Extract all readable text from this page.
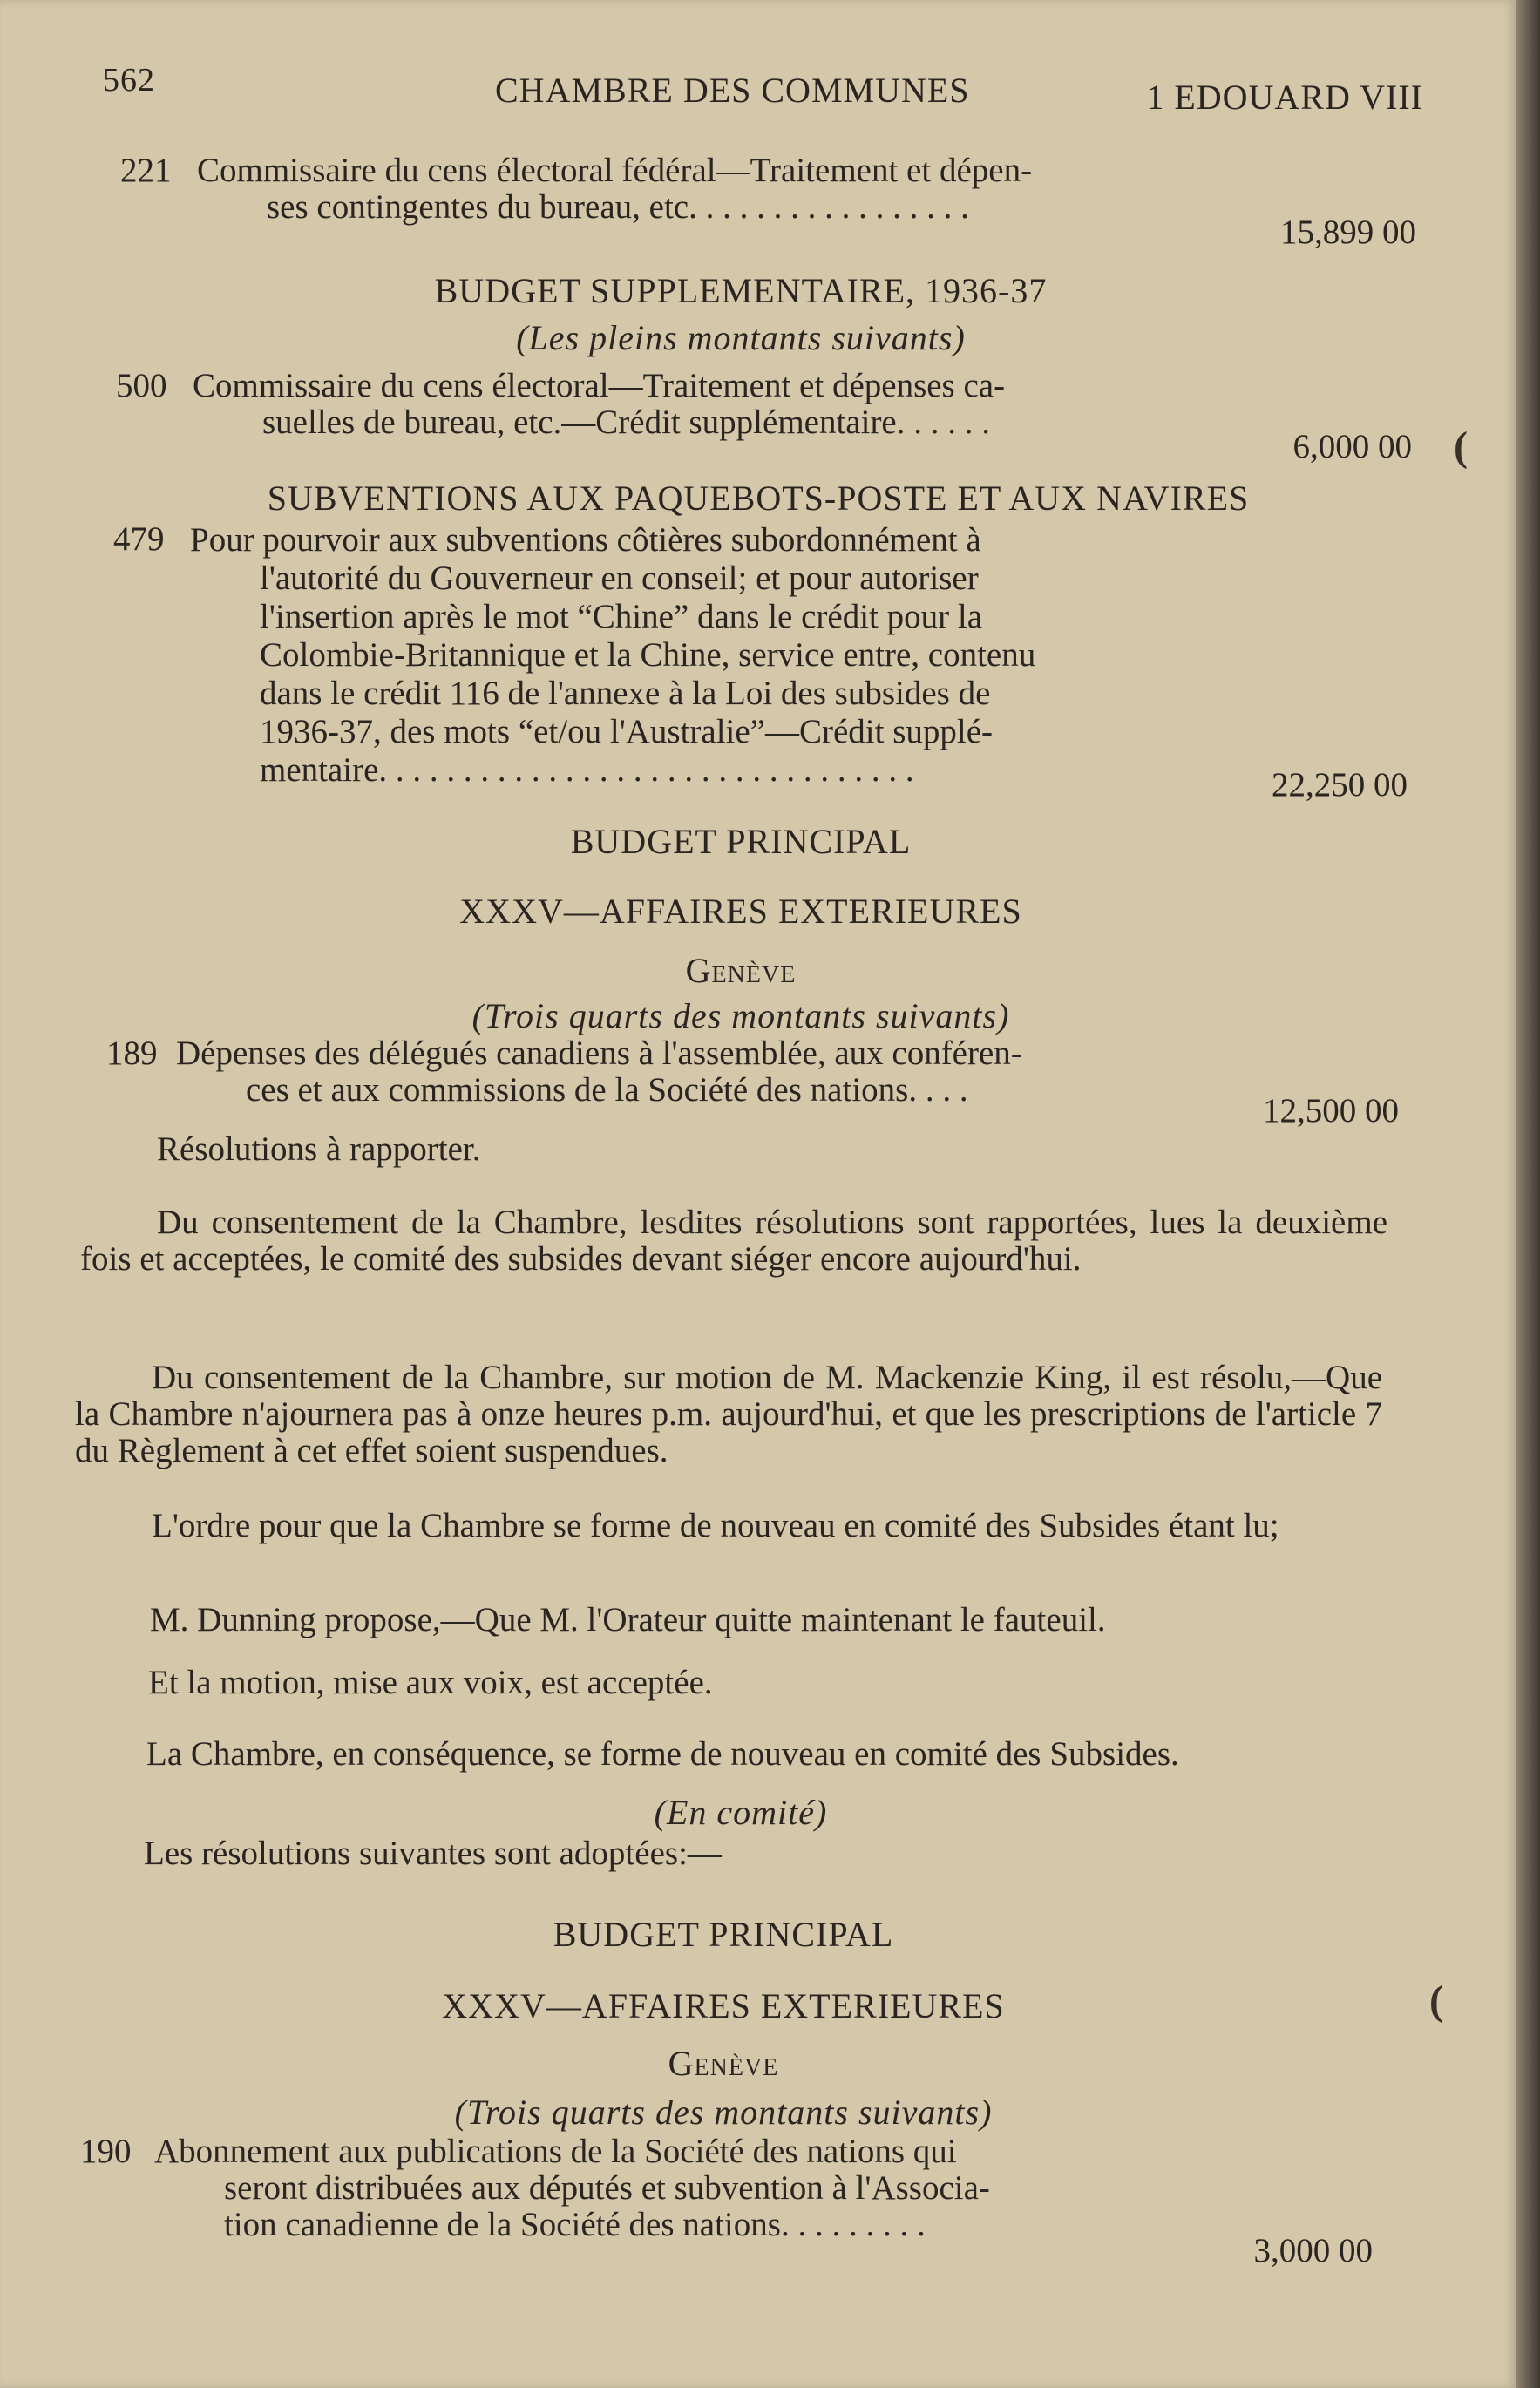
562	CHAMBRE DES COMMUNES	1 EDOUARD VIII
221 Commissaire du cens électoral fédéral—Traitement et dépen-
ses contingentes du bureau, etc. . . . . . . . . . . . . . . . .
15,899 00
BUDGET SUPPLEMENTAIRE, 1936-37
(Les pleins montants suivants)
500 Commissaire du cens électoral—Traitement et dépenses ca-
suelles de bureau, etc.—Crédit supplémentaire. . . . . .
6,000 00 (
SUBVENTIONS AUX PAQUEBOTS-POSTE ET AUX NAVIRES
479 Pour pourvoir aux subventions côtières subordonnément à

l'autorité du Gouverneur en conseil; et pour autoriser
l'insertion après le mot “Chine” dans le crédit pour la
Colombie-Britannique et la Chine, service entre, contenu
dans le crédit 116 de l'annexe à la Loi des subsides de
1936-37, des mots “et/ou l'Australie”—Crédit supplé-
mentaire. . . . . . . . . . . . . . . . . . . . . . . . . . . . . . . .	22,250 00
BUDGET PRINCIPAL
XXXV—AFFAIRES EXTERIEURES
Genève
(Trois quarts des montants suivants)
189 Dépenses des délégués canadiens à l'assemblée, aux conféren-
ces et aux commissions de la Société des nations. . . .
12,500 00
Résolutions à rapporter.
Du consentement de la Chambre, lesdites résolutions sont rapportées, lues la deuxième fois et acceptées, le comité des subsides devant siéger encore aujourd'hui.
Du consentement de la Chambre, sur motion de M. Mackenzie King, il est résolu,—Que la Chambre n'ajournera pas à onze heures p.m. aujourd'hui, et que les prescriptions de l'article 7 du Règlement à cet effet soient suspendues.
L'ordre pour que la Chambre se forme de nouveau en comité des Subsides étant lu;
M. Dunning propose,—Que M. l'Orateur quitte maintenant le fauteuil.
Et la motion, mise aux voix, est acceptée.
La Chambre, en conséquence, se forme de nouveau en comité des Subsides.
(En comité)
Les résolutions suivantes sont adoptées:—
BUDGET PRINCIPAL
XXXV—AFFAIRES EXTERIEURES	(
Genève
(Trois quarts des montants suivants)
190 Abonnement aux publications de la Société des nations qui
seront distribuées aux députés et subvention à l'Associa-
tion canadienne de la Société des nations. . . . . . . . .
3,000 00
